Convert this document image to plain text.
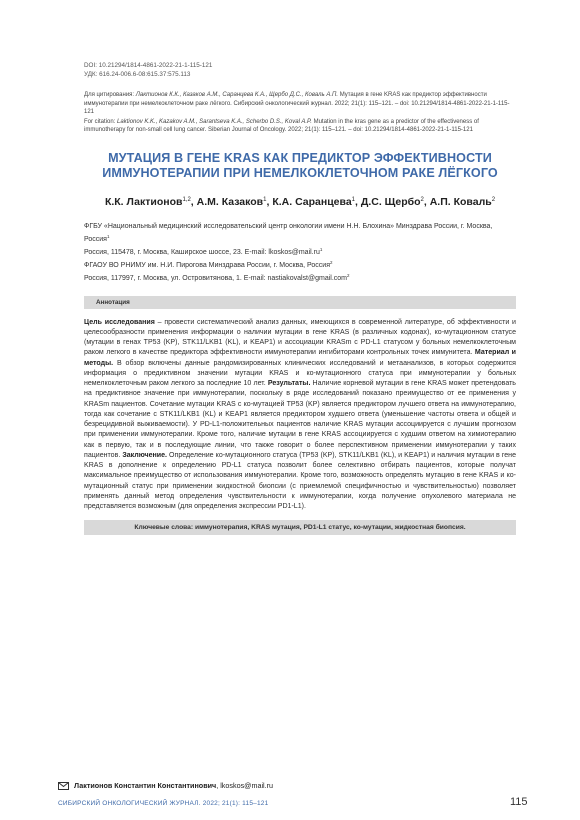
DOI: 10.21294/1814-4861-2022-21-1-115-121
УДК: 616.24-006.6-08:615.37:575.113
Для цитирования: Лактионов К.К., Казаков А.М., Саранцева К.А., Щербо Д.С., Коваль А.П. Мутация в гене KRAS как предиктор эффективности иммунотерапии при немелкоклеточном раке лёгкого. Сибирский онкологический журнал. 2022; 21(1): 115–121. – doi: 10.21294/1814-4861-2022-21-1-115-121
For citation: Laktionov K.K., Kazakov A.M., Sarantseva K.A., Scherbo D.S., Koval A.P. Mutation in the kras gene as a predictor of the effectiveness of immunotherapy for non-small cell lung cancer. Siberian Journal of Oncology. 2022; 21(1): 115–121. – doi: 10.21294/1814-4861-2022-21-1-115-121
МУТАЦИЯ В ГЕНЕ KRAS КАК ПРЕДИКТОР ЭФФЕКТИВНОСТИ ИММУНОТЕРАПИИ ПРИ НЕМЕЛКОКЛЕТОЧНОМ РАКЕ ЛЁГКОГО
К.К. Лактионов$^{1,2}$, А.М. Казаков$^1$, К.А. Саранцева$^1$, Д.С. Щербо$^2$, А.П. Коваль$^2$
ФГБУ «Национальный медицинский исследовательский центр онкологии имени Н.Н. Блохина» Минздрава России, г. Москва, Россия$^1$
Россия, 115478, г. Москва, Каширское шоссе, 23. E-mail: $lkoskos@mail.ru^1$
ФГАОУ ВО РНИМУ им. Н.И. Пирогова Минздрава России, г. Москва, Россия$^2$
Россия, 117997, г. Москва, ул. Островитянова, 1. E-mail: nastiakovalst@gmail.com$^2$
Аннотация
Цель исследования – провести систематический анализ данных, имеющихся в современной литературе, об эффективности и целесообразности применения информации о наличии мутации в гене KRAS (в различных кодонах), ко-мутационном статусе (мутации в генах TP53 (KP), STK11/LKB1 (KL), и KEAP1) и ассоциации KRASm с PD-L1 статусом у больных немелкоклеточным раком легкого в качестве предиктора эффективности иммунотерапии ингибиторами контрольных точек иммунитета. Материал и методы. В обзор включены данные рандомизированных клинических исследований и метаанализов, в которых содержится информация о предиктивном значении мутации KRAS и ко-мутационного статуса при иммунотерапии у больных немелкоклеточным раком легкого за последние 10 лет. Результаты. Наличие корневой мутации в гене KRAS может претендовать на предиктивное значение при иммунотерапии, поскольку в ряде исследований показано преимущество от ее применения у KRASm пациентов. Сочетание мутации KRAS с ко-мутацией TP53 (KP) является предиктором лучшего ответа на иммунотерапию, тогда как сочетание с STK11/LKB1 (KL) и KEAP1 является предиктором худшего ответа (уменьшение частоты ответа и общей и безрецидивной выживаемости). У PD-L1-положительных пациентов наличие KRAS мутации ассоциируется с лучшим прогнозом при применении иммунотерапии. Кроме того, наличие мутации в гене KRAS ассоциируется с худшим ответом на химиотерапию как в первую, так и в последующие линии, что также говорит о более перспективном применении иммунотерапии у таких пациентов. Заключение. Определение ко-мутационного статуса (TP53 (KP), STK11/LKB1 (KL), и KEAP1) и наличия мутации в гене KRAS в дополнение к определению PD-L1 статуса позволит более селективно отбирать пациентов, которые получат максимальное преимущество от использования иммунотерапии. Кроме того, возможность определять мутацию в гене KRAS и ко-мутационный статус при применении жидкостной биопсии (с приемлемой специфичностью и чувствительностью) позволяет применять данный метод определения чувствительности к иммунотерапии, когда получение опухолевого материала не представляется возможным (для определения экспрессии PD1-L1).
Ключевые слова: иммунотерапия, KRAS мутация, PD1-L1 статус, ко-мутации, жидкостная биопсия.
Лактионов Константин Константинович, lkoskos@mail.ru
СИБИРСКИЙ ОНКОЛОГИЧЕСКИЙ ЖУРНАЛ. 2022; 21(1): 115–121	115
